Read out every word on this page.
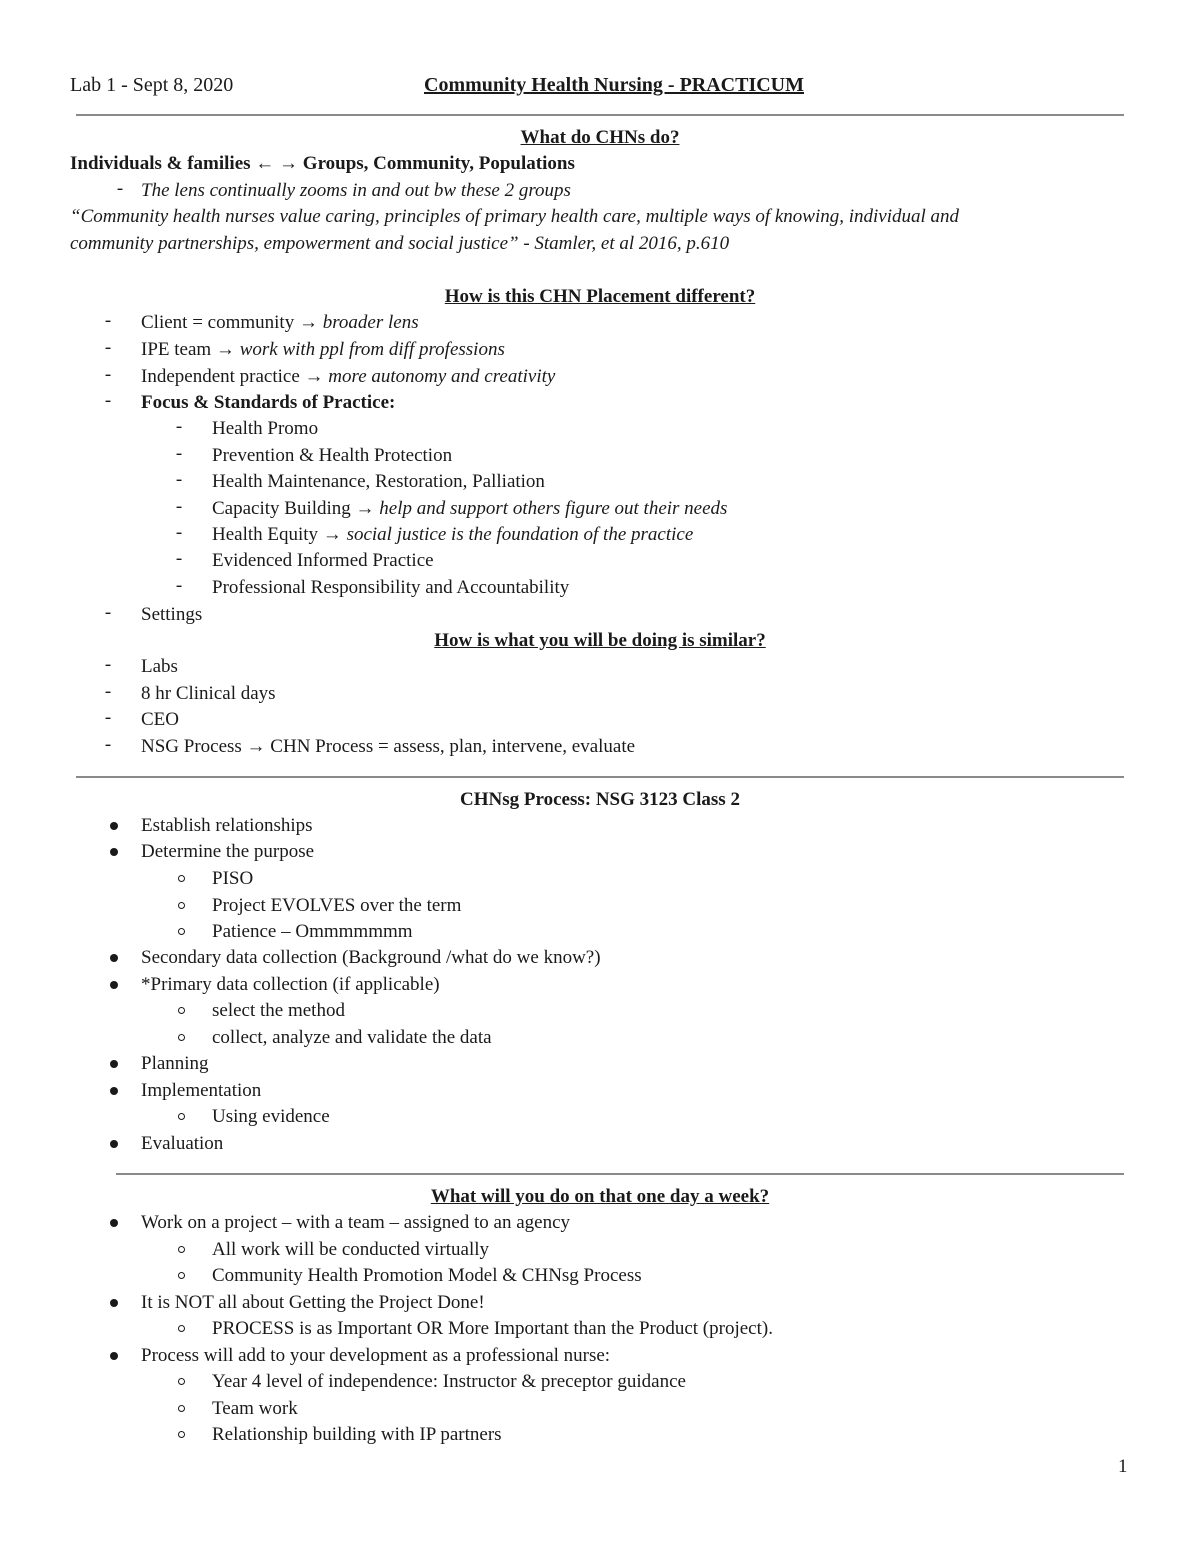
Lab 1 - Sept 8, 2020	Community Health Nursing - PRACTICUM
What do CHNs do?
Individuals & families ← → Groups, Community, Populations
- The lens continually zooms in and out bw these 2 groups
“Community health nurses value caring, principles of primary health care, multiple ways of knowing, individual and
community partnerships, empowerment and social justice” - Stamler, et al 2016, p.610
How is this CHN Placement different?
- Client = community → broader lens
- IPE team → work with ppl from diff professions
- Independent practice → more autonomy and creativity
- Focus & Standards of Practice:
- Health Promo
- Prevention & Health Protection
- Health Maintenance, Restoration, Palliation
- Capacity Building → help and support others figure out their needs
- Health Equity → social justice is the foundation of the practice
- Evidenced Informed Practice
- Professional Responsibility and Accountability
- Settings
How is what you will be doing is similar?
- Labs
- 8 hr Clinical days
- CEO
- NSG Process → CHN Process = assess, plan, intervene, evaluate
CHNsg Process: NSG 3123 Class 2
Establish relationships
Determine the purpose
PISO
Project EVOLVES over the term
Patience – Ommmmmmm
Secondary data collection (Background /what do we know?)
*Primary data collection (if applicable)
select the method
collect, analyze and validate the data
Planning
Implementation
Using evidence
Evaluation
What will you do on that one day a week?
Work on a project – with a team – assigned to an agency
All work will be conducted virtually
Community Health Promotion Model & CHNsg Process
It is NOT all about Getting the Project Done!
PROCESS is as Important OR More Important than the Product (project).
Process will add to your development as a professional nurse:
Year 4 level of independence: Instructor & preceptor guidance
Team work
Relationship building with IP partners
1
